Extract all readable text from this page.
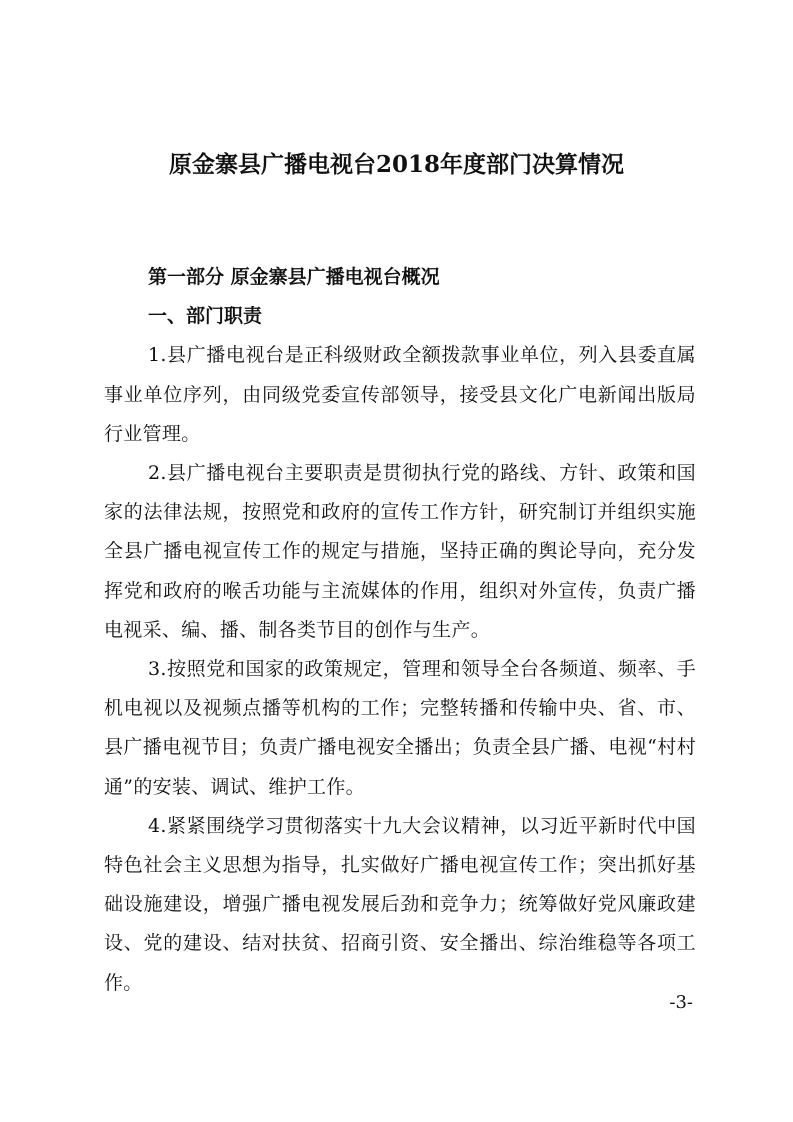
原金寨县广播电视台2018年度部门决算情况

第一部分 原金寨县广播电视台概况

一、部门职责

1.县广播电视台是正科级财政全额拨款事业单位，列入县委直属事业单位序列，由同级党委宣传部领导，接受县文化广电新闻出版局行业管理。

2.县广播电视台主要职责是贯彻执行党的路线、方针、政策和国家的法律法规，按照党和政府的宣传工作方针，研究制订并组织实施全县广播电视宣传工作的规定与措施，坚持正确的舆论导向，充分发挥党和政府的喉舌功能与主流媒体的作用，组织对外宣传，负责广播电视采、编、播、制各类节目的创作与生产。

3.按照党和国家的政策规定，管理和领导全台各频道、频率、手机电视以及视频点播等机构的工作；完整转播和传输中央、省、市、县广播电视节目；负责广播电视安全播出；负责全县广播、电视“村村通”的安装、调试、维护工作。

4.紧紧围绕学习贯彻落实十九大会议精神，以习近平新时代中国特色社会主义思想为指导，扎实做好广播电视宣传工作；突出抓好基础设施建设，增强广播电视发展后劲和竞争力；统筹做好党风廉政建设、党的建设、结对扶贫、招商引资、安全播出、综治维稳等各项工作。

-3-
